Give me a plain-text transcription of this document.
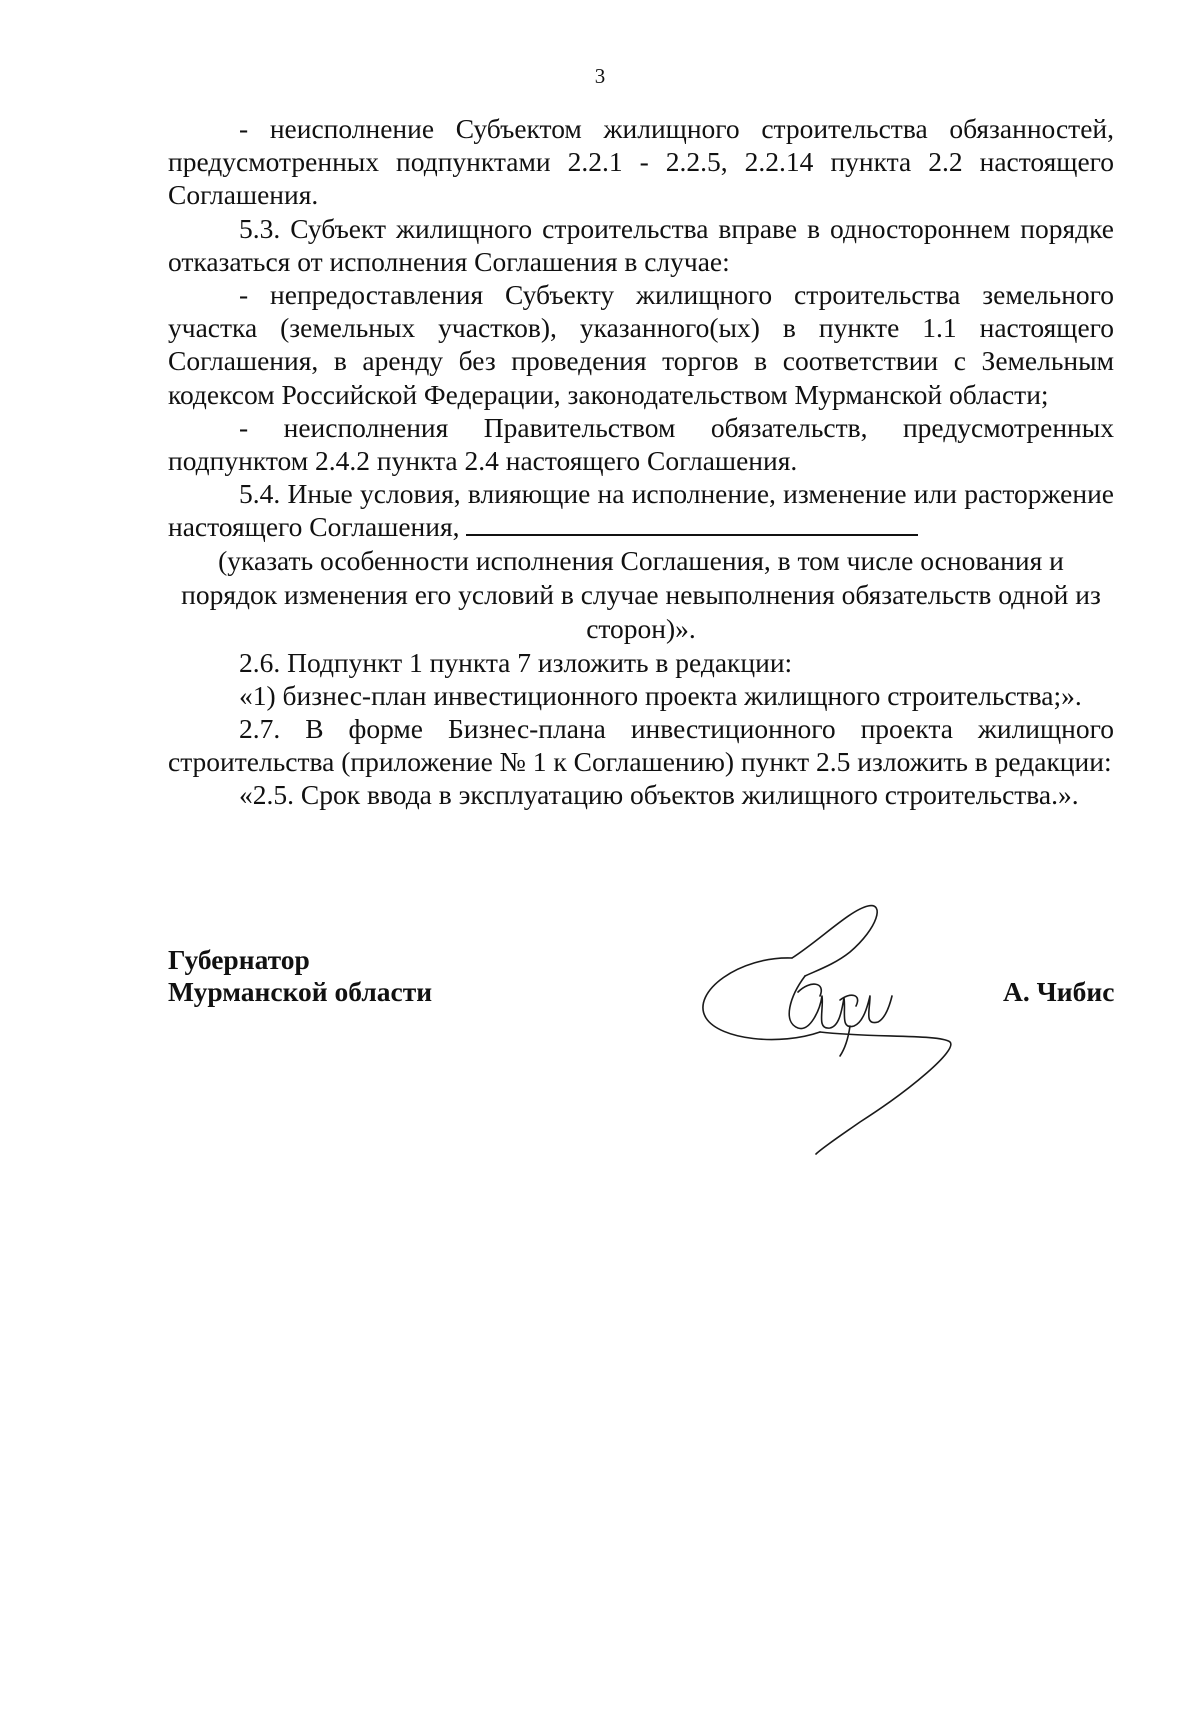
3

- неисполнение Субъектом жилищного строительства обязанностей, предусмотренных подпунктами 2.2.1 - 2.2.5, 2.2.14 пункта 2.2 настоящего Соглашения.

5.3. Субъект жилищного строительства вправе в одностороннем порядке отказаться от исполнения Соглашения в случае:

- непредоставления Субъекту жилищного строительства земельного участка (земельных участков), указанного(ых) в пункте 1.1 настоящего Соглашения, в аренду без проведения торгов в соответствии с Земельным кодексом Российской Федерации, законодательством Мурманской области;

- неисполнения Правительством обязательств, предусмотренных подпунктом 2.4.2 пункта 2.4 настоящего Соглашения.

5.4. Иные условия, влияющие на исполнение, изменение или расторжение настоящего Соглашения,

(указать особенности исполнения Соглашения, в том числе основания и порядок изменения его условий в случае невыполнения обязательств одной из сторон)».

2.6. Подпункт 1 пункта 7 изложить в редакции:

«1) бизнес-план инвестиционного проекта жилищного строительства;».

2.7. В форме Бизнес-плана инвестиционного проекта жилищного строительства (приложение № 1 к Соглашению) пункт 2.5 изложить в редакции:

«2.5. Срок ввода в эксплуатацию объектов жилищного строительства.».

Губернатор
Мурманской области	А. Чибис
